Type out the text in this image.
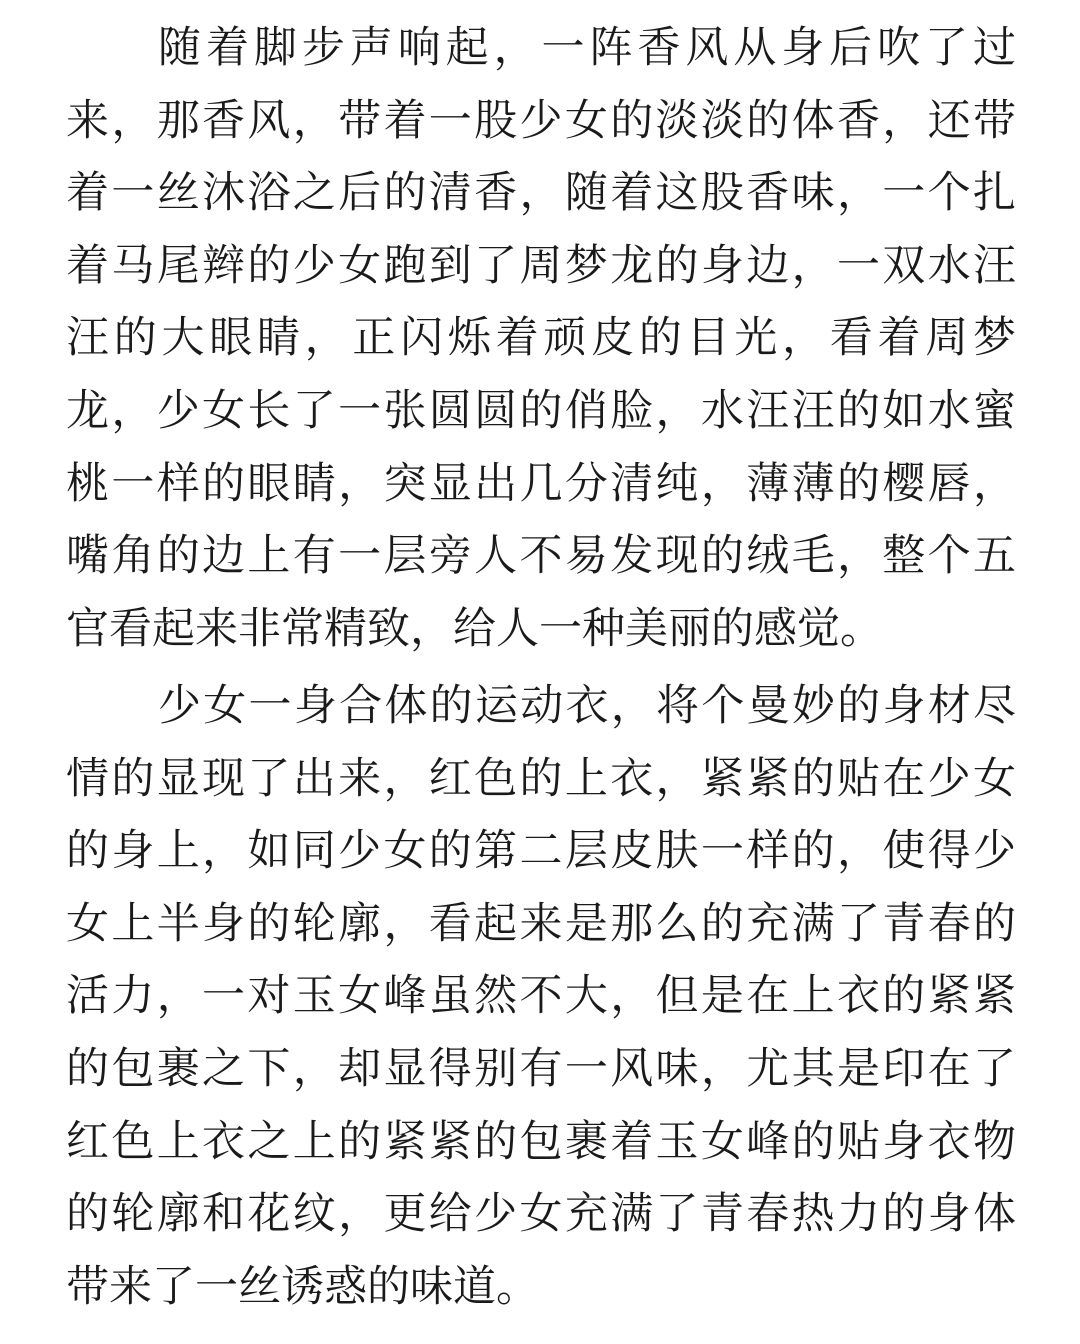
随着脚步声响起，一阵香风从身后吹了过
来，那香风，带着一股少女的淡淡的体香，还带
着一丝沐浴之后的清香，随着这股香味，一个扎
着马尾辫的少女跑到了周梦龙的身边，一双水汪
汪的大眼睛，正闪烁着顽皮的目光，看着周梦
龙，少女长了一张圆圆的俏脸，水汪汪的如水蜜
桃一样的眼睛，突显出几分清纯，薄薄的樱唇，
嘴角的边上有一层旁人不易发现的绒毛，整个五
官看起来非常精致，给人一种美丽的感觉。
少女一身合体的运动衣，将个曼妙的身材尽
情的显现了出来，红色的上衣，紧紧的贴在少女
的身上，如同少女的第二层皮肤一样的，使得少
女上半身的轮廓，看起来是那么的充满了青春的
活力，一对玉女峰虽然不大，但是在上衣的紧紧
的包裹之下，却显得别有一风味，尤其是印在了
红色上衣之上的紧紧的包裹着玉女峰的贴身衣物
的轮廓和花纹，更给少女充满了青春热力的身体
带来了一丝诱惑的味道。
